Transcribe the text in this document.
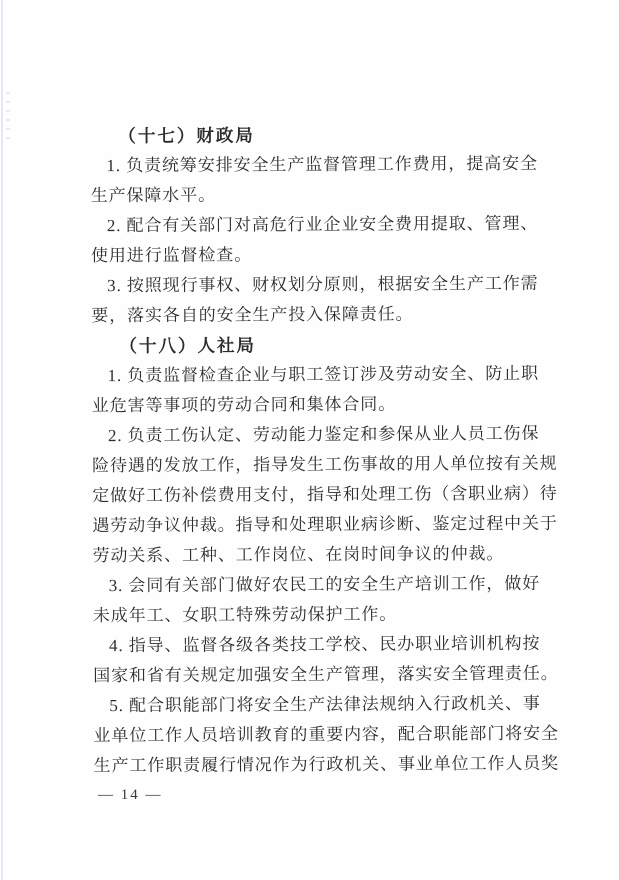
（十七）财政局
1. 负责统筹安排安全生产监督管理工作费用，提高安全
生产保障水平。
2. 配合有关部门对高危行业企业安全费用提取、管理、
使用进行监督检查。
3. 按照现行事权、财权划分原则，根据安全生产工作需
要，落实各自的安全生产投入保障责任。
（十八）人社局
1. 负责监督检查企业与职工签订涉及劳动安全、防止职
业危害等事项的劳动合同和集体合同。
2. 负责工伤认定、劳动能力鉴定和参保从业人员工伤保
险待遇的发放工作，指导发生工伤事故的用人单位按有关规
定做好工伤补偿费用支付，指导和处理工伤（含职业病）待
遇劳动争议仲裁。指导和处理职业病诊断、鉴定过程中关于
劳动关系、工种、工作岗位、在岗时间争议的仲裁。
3. 会同有关部门做好农民工的安全生产培训工作，做好
未成年工、女职工特殊劳动保护工作。
4. 指导、监督各级各类技工学校、民办职业培训机构按
国家和省有关规定加强安全生产管理，落实安全管理责任。
5. 配合职能部门将安全生产法律法规纳入行政机关、事
业单位工作人员培训教育的重要内容，配合职能部门将安全
生产工作职责履行情况作为行政机关、事业单位工作人员奖
— 14 —
